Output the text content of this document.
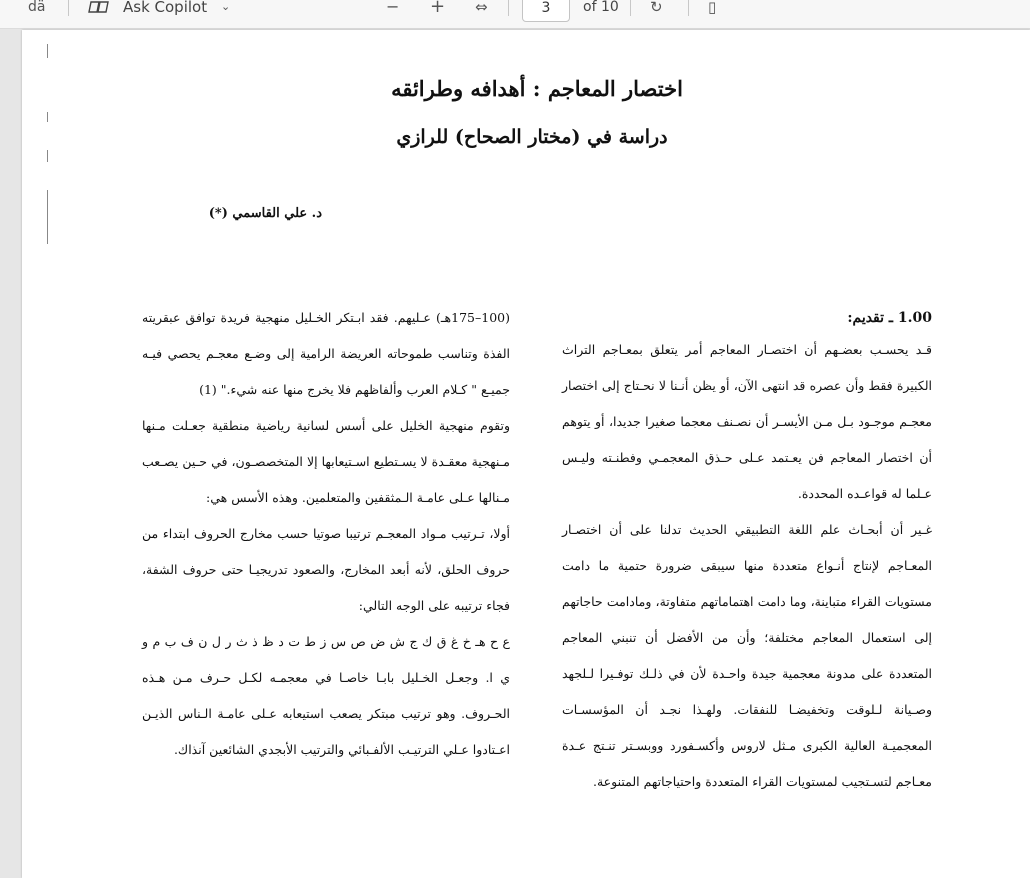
dä	Ask Copilot ⌄	− + ⇔	3	of 10 ↻	▯
اختصار المعاجم : أهدافه وطرائقه
دراسة في (مختار الصحاح) للرازي
د. علي القاسمي (*)

(100–175هـ) عـليهم. فقد ابـتكر الخـليل منهجية فريدة توافق عبقريته الفذة وتناسب طموحاته العريضة الرامية إلى وضـع معجـم يحصي فيـه جميـع " كـلام العرب وألفاظهم فلا يخرج منها عنه شيء." (1)

وتقوم منهجية الخليل على أسس لسانية رياضية منطقية جعـلت مـنها مـنهجية معقـدة لا يسـتطيع اسـتيعابها إلا المتخصصـون، في حـين يصـعب مـنالها عـلى عامـة الـمثقفين والمتعلمين. وهذه الأسس هي:

أولا، تـرتيب مـواد المعجـم ترتيبا صوتيا حسب مخارج الحروف ابتداء من حروف الحلق، لأنه أبعد المخارج، والصعود تدريجيـا حتى حروف الشفة، فجاء ترتيبه على الوجه التالي:

ع ح هـ خ غ ق ك ج ش ض ص س ز ط ت د ظ ذ ث ر ل ن ف ب م و ي ا. وجعـل الخـليل بابـا خاصـا في معجمـه لكـل حـرف مـن هـذه الحـروف. وهو ترتيب مبتكر يصعب استيعابه عـلى عامـة الـناس الذيـن اعـتادوا عـلي الترتيـب الألفـبائي والترتيب الأبجدي الشائعين آنذاك.

1.00 ـ تقديم:

قـد يحسـب بعضـهم أن اختصـار المعاجم أمر يتعلق بمعـاجم التراث الكبيرة فقط وأن عصره قد انتهى الآن، أو يظن أنـنا لا نحـتاج إلى اختصار معجـم موجـود بـل مـن الأيسـر أن نصـنف معجما صغيرا جديدا، أو يتوهم أن اختصار المعاجم فن يعـتمد عـلى حـذق المعجمـي وفطنـته وليـس عـلما له قواعـده المحددة.

غـير أن أبحـاث علم اللغة التطبيقي الحديث تدلنا على أن اختصـار المعـاجم لإنتاج أنـواع متعددة منها سيبقى ضرورة حتمية ما دامت مستويات القراء متباينة، وما دامت اهتماماتهم متفاوتة، ومادامت حاجاتهم إلى استعمال المعاجم مختلفة؛ وأن من الأفضل أن تنبني المعاجم المتعددة على مدونة معجمية جيدة واحـدة لأن في ذلـك توفـيرا لـلجهد وصـيانة لـلوقت وتخفيضـا للنفقات. ولهـذا نجـد أن المؤسسـات المعجميـة العالية الكبرى مـثل لاروس وأكسـفورد ووبسـتر تنـتج عـدة معـاجم لتسـتجيب لمستويات القراء المتعددة واحتياجاتهم المتنوعة.
